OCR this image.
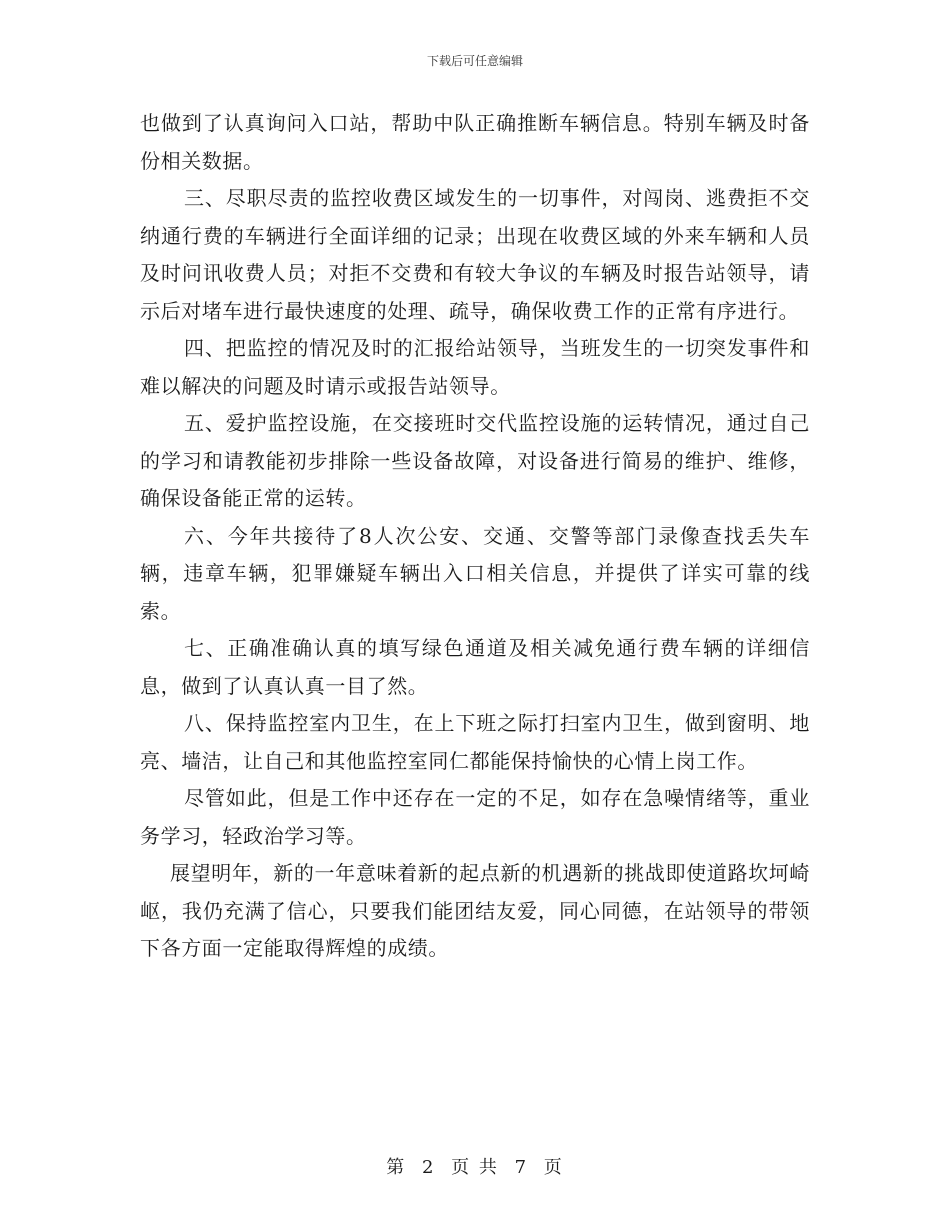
下载后可任意编辑

也做到了认真询问入口站，帮助中队正确推断车辆信息。特别车辆及时备份相关数据。

三、尽职尽责的监控收费区域发生的一切事件，对闯岗、逃费拒不交纳通行费的车辆进行全面详细的记录；出现在收费区域的外来车辆和人员及时问讯收费人员；对拒不交费和有较大争议的车辆及时报告站领导，请示后对堵车进行最快速度的处理、疏导，确保收费工作的正常有序进行。

四、把监控的情况及时的汇报给站领导，当班发生的一切突发事件和难以解决的问题及时请示或报告站领导。

五、爱护监控设施，在交接班时交代监控设施的运转情况，通过自己的学习和请教能初步排除一些设备故障，对设备进行简易的维护、维修，确保设备能正常的运转。

六、今年共接待了8人次公安、交通、交警等部门录像查找丢失车辆，违章车辆，犯罪嫌疑车辆出入口相关信息，并提供了详实可靠的线索。

七、正确准确认真的填写绿色通道及相关减免通行费车辆的详细信息，做到了认真认真一目了然。

八、保持监控室内卫生，在上下班之际打扫室内卫生，做到窗明、地亮、墙洁，让自己和其他监控室同仁都能保持愉快的心情上岗工作。

尽管如此，但是工作中还存在一定的不足，如存在急噪情绪等，重业务学习，轻政治学习等。

展望明年，新的一年意味着新的起点新的机遇新的挑战即使道路坎坷崎岖，我仍充满了信心，只要我们能团结友爱，同心同德，在站领导的带领下各方面一定能取得辉煌的成绩。

第 2 页 共 7 页
